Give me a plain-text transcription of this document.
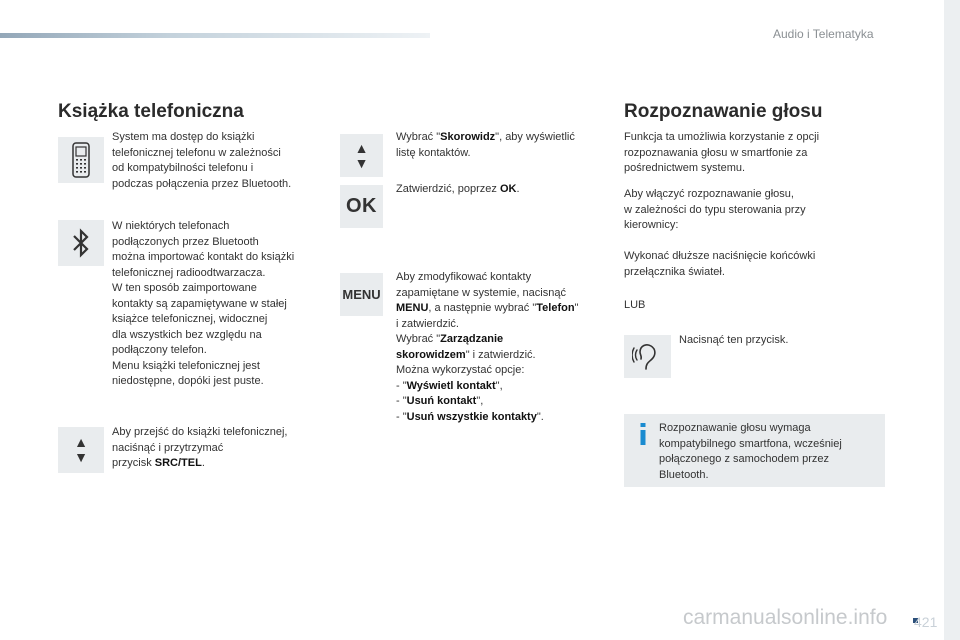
Audio i Telematyka
Książka telefoniczna

System ma dostęp do książki
telefonicznej telefonu w zależności
od kompatybilności telefonu i
podczas połączenia przez Bluetooth.

W niektórych telefonach
podłączonych przez Bluetooth
można importować kontakt do książki
telefonicznej radioodtwarzacza.
W ten sposób zaimportowane
kontakty są zapamiętywane w stałej
książce telefonicznej, widocznej
dla wszystkich bez względu na
podłączony telefon.
Menu książki telefonicznej jest
niedostępne, dopóki jest puste.

▲
▼

Aby przejść do książki telefonicznej,
naciśnąć i przytrzymać
przycisk SRC/TEL.

▲
▼

Wybrać "Skorowidz", aby wyświetlić
listę kontaktów.

OK

Zatwierdzić, poprzez OK.

MENU

Aby zmodyfikować kontakty
zapamiętane w systemie, nacisnąć
MENU, a następnie wybrać "Telefon"
i zatwierdzić.
Wybrać "Zarządzanie
skorowidzem" i zatwierdzić.
Można wykorzystać opcje:
- "Wyświetl kontakt",
- "Usuń kontakt",
- "Usuń wszystkie kontakty".

Rozpoznawanie głosu

Funkcja ta umożliwia korzystanie z opcji
rozpoznawania głosu w smartfonie za
pośrednictwem systemu.

Aby włączyć rozpoznawanie głosu,
w zależności do typu sterowania przy
kierownicy:

Wykonać dłuższe naciśnięcie końcówki
przełącznika świateł.

LUB

Nacisnąć ten przycisk.

Rozpoznawanie głosu wymaga
kompatybilnego smartfona, wcześniej
połączonego z samochodem przez
Bluetooth.

carmanualsonline.info 421
